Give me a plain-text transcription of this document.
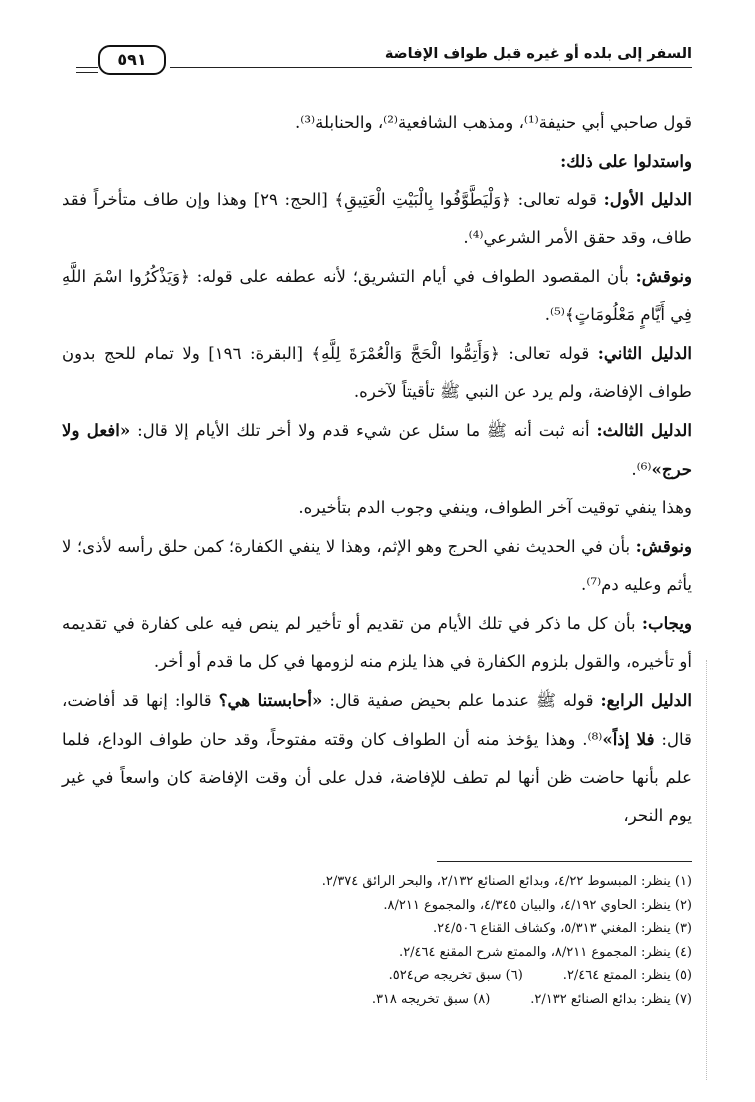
السفر إلى بلده أو غيره قبل طواف الإفاضة
٥٩١

قول صاحبي أبي حنيفة⁽¹⁾، ومذهب الشافعية⁽²⁾، والحنابلة⁽³⁾.

واستدلوا على ذلك:

الدليل الأول: قوله تعالى: ﴿وَلْيَطَّوَّفُوا بِالْبَيْتِ الْعَتِيقِ﴾ [الحج: ٢٩] وهذا وإن طاف متأخراً فقد طاف، وقد حقق الأمر الشرعي⁽⁴⁾.

ونوقش: بأن المقصود الطواف في أيام التشريق؛ لأنه عطفه على قوله: ﴿وَيَذْكُرُوا اسْمَ اللَّهِ فِي أَيَّامٍ مَعْلُومَاتٍ﴾⁽⁵⁾.

الدليل الثاني: قوله تعالى: ﴿وَأَتِمُّوا الْحَجَّ وَالْعُمْرَةَ لِلَّهِ﴾ [البقرة: ١٩٦] ولا تمام للحج بدون طواف الإفاضة، ولم يرد عن النبي ﷺ تأقيتاً لآخره.

الدليل الثالث: أنه ثبت أنه ﷺ ما سئل عن شيء قدم ولا أخر تلك الأيام إلا قال: «افعل ولا حرج»⁽⁶⁾.

وهذا ينفي توقيت آخر الطواف، وينفي وجوب الدم بتأخيره.

ونوقش: بأن في الحديث نفي الحرج وهو الإثم، وهذا لا ينفي الكفارة؛ كمن حلق رأسه لأذى؛ لا يأثم وعليه دم⁽⁷⁾.

ويجاب: بأن كل ما ذكر في تلك الأيام من تقديم أو تأخير لم ينص فيه على كفارة في تقديمه أو تأخيره، والقول بلزوم الكفارة في هذا يلزم منه لزومها في كل ما قدم أو أخر.

الدليل الرابع: قوله ﷺ عندما علم بحيض صفية قال: «أحابستنا هي؟ قالوا: إنها قد أفاضت، قال: فلا إذاً»⁽⁸⁾. وهذا يؤخذ منه أن الطواف كان وقته مفتوحاً، وقد حان طواف الوداع، فلما علم بأنها حاضت ظن أنها لم تطف للإفاضة، فدل على أن وقت الإفاضة كان واسعاً في غير يوم النحر،

(١) ينظر: المبسوط ٤/٢٢، وبدائع الصنائع ٢/١٣٢، والبحر الرائق ٢/٣٧٤.
(٢) ينظر: الحاوي ٤/١٩٢، والبيان ٤/٣٤٥، والمجموع ٨/٢١١.
(٣) ينظر: المغني ٥/٣١٣، وكشاف القناع ٢٤/٥٠٦.
(٤) ينظر: المجموع ٨/٢١١، والممتع شرح المقنع ٢/٤٦٤.
(٥) ينظر: الممتع ٢/٤٦٤.
(٦) سبق تخريجه ص٥٢٤.
(٧) ينظر: بدائع الصنائع ٢/١٣٢.
(٨) سبق تخريجه ٣١٨.
